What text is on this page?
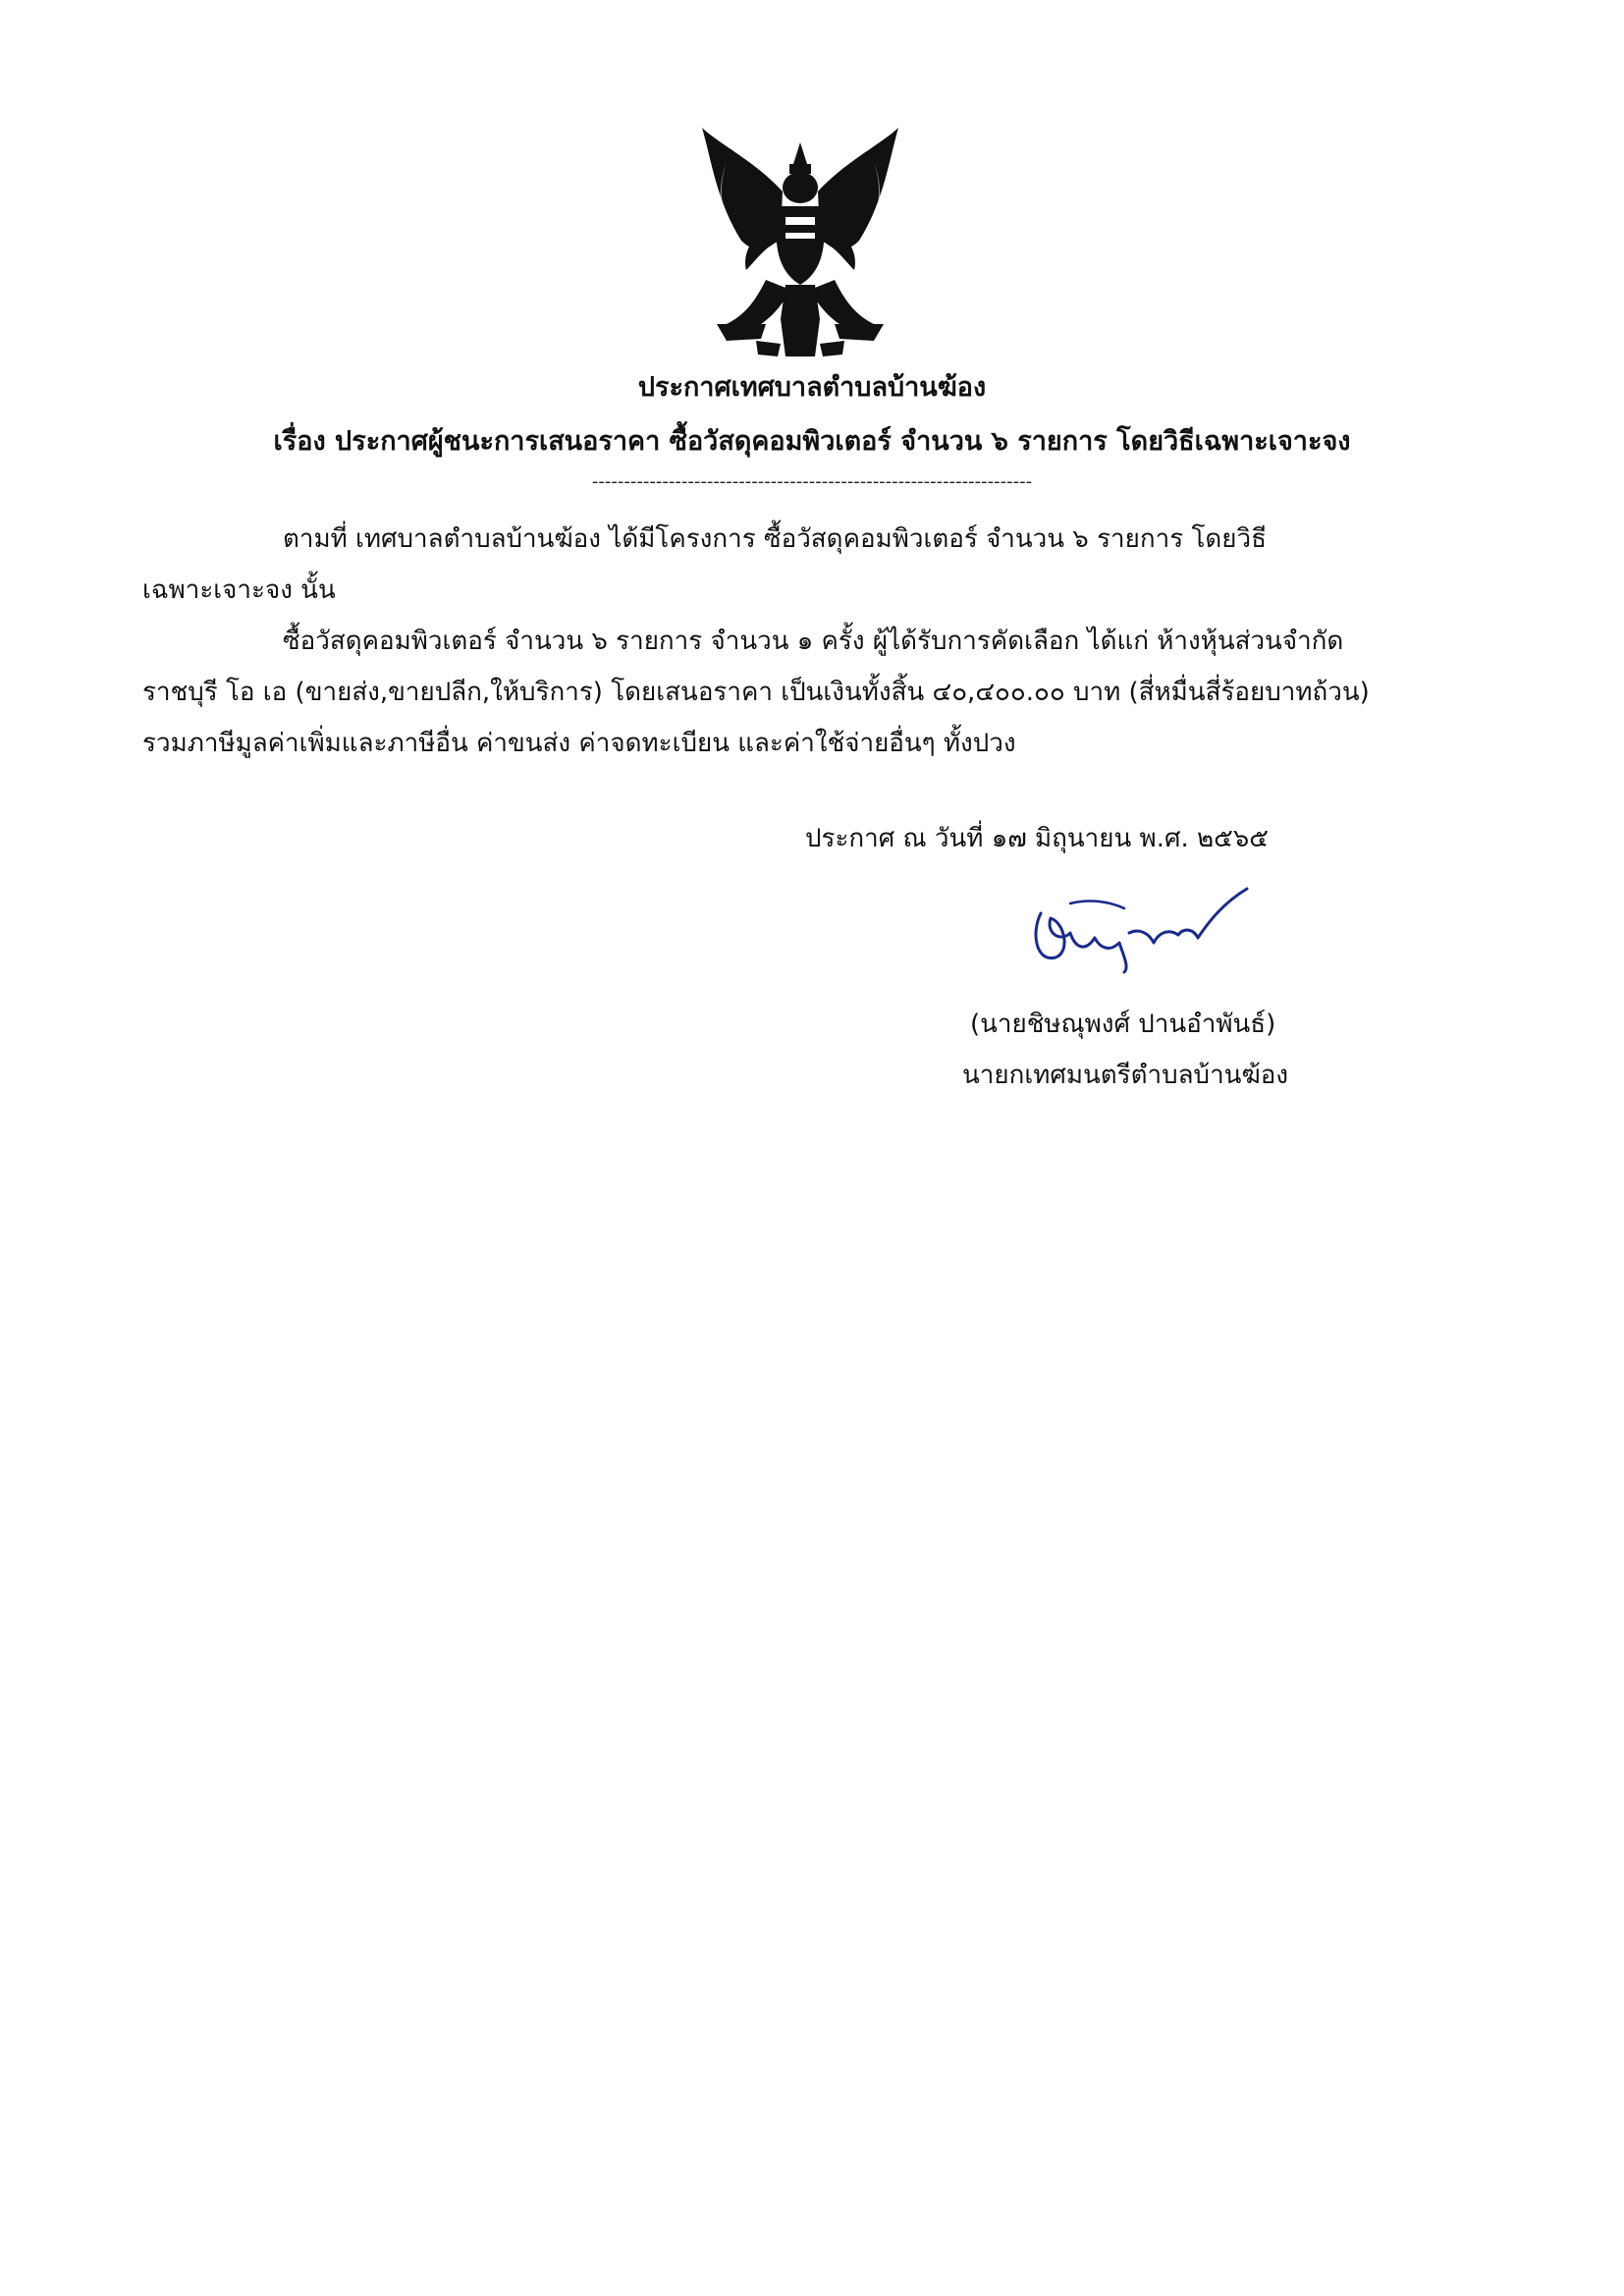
ประกาศเทศบาลตำบลบ้านฆ้อง
เรื่อง ประกาศผู้ชนะการเสนอราคา ซื้อวัสดุคอมพิวเตอร์ จำนวน ๖ รายการ โดยวิธีเฉพาะเจาะจง
---------------------------------------------------------------------
ตามที่ เทศบาลตำบลบ้านฆ้อง ได้มีโครงการ ซื้อวัสดุคอมพิวเตอร์ จำนวน ๖ รายการ โดยวิธี
เฉพาะเจาะจง นั้น
ซื้อวัสดุคอมพิวเตอร์ จำนวน ๖ รายการ จำนวน ๑ ครั้ง ผู้ได้รับการคัดเลือก ได้แก่ ห้างหุ้นส่วนจำกัด
ราชบุรี โอ เอ (ขายส่ง,ขายปลีก,ให้บริการ) โดยเสนอราคา เป็นเงินทั้งสิ้น ๔๐,๔๐๐.๐๐ บาท (สี่หมื่นสี่ร้อยบาทถ้วน)
รวมภาษีมูลค่าเพิ่มและภาษีอื่น ค่าขนส่ง ค่าจดทะเบียน และค่าใช้จ่ายอื่นๆ ทั้งปวง
ประกาศ ณ วันที่ ๑๗ มิถุนายน พ.ศ. ๒๕๖๕
(นายชิษณุพงศ์ ปานอำพันธ์)
นายกเทศมนตรีตำบลบ้านฆ้อง
